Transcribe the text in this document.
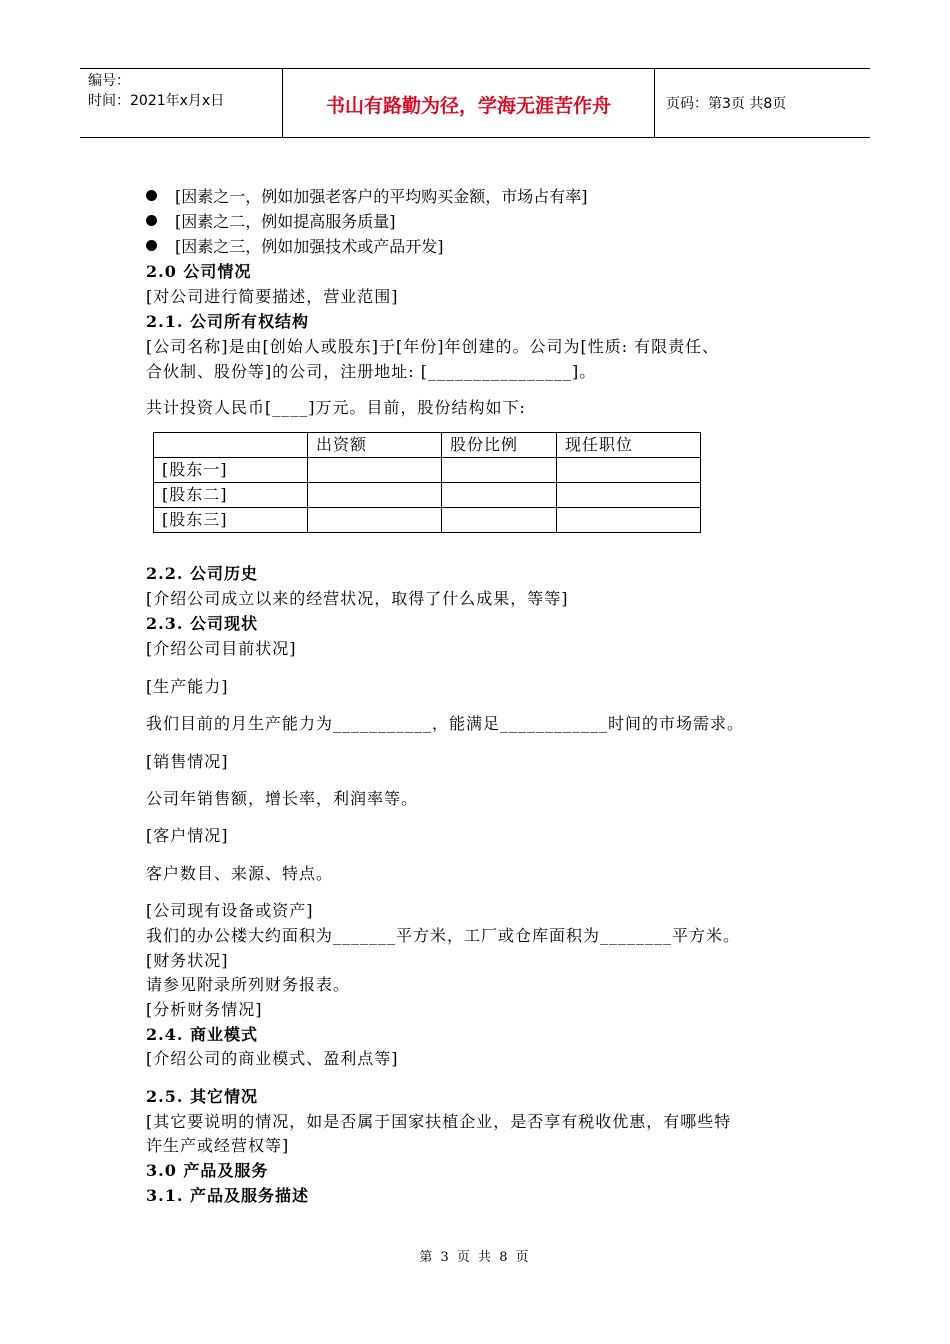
编号：
时间：2021年x月x日	书山有路勤为径，学海无涯苦作舟	页码：第3页 共8页
[因素之一，例如加强老客户的平均购买金额，市场占有率]
[因素之二，例如提高服务质量]
[因素之三，例如加强技术或产品开发]
2.0 公司情况
[对公司进行简要描述，营业范围]
2.1. 公司所有权结构
[公司名称]是由[创始人或股东]于[年份]年创建的。公司为[性质: 有限责任、
合伙制、股份等]的公司，注册地址: [________________]。
共计投资人民币[____]万元。目前，股份结构如下:
	出资额	股份比例	现任职位
[股东一]			
[股东二]			
[股东三]			
2.2. 公司历史
[介绍公司成立以来的经营状况，取得了什么成果，等等]
2.3. 公司现状
[介绍公司目前状况]
[生产能力]
我们目前的月生产能力为___________，能满足____________时间的市场需求。
[销售情况]
公司年销售额，增长率，利润率等。
[客户情况]
客户数目、来源、特点。
[公司现有设备或资产]
我们的办公楼大约面积为_______平方米，工厂或仓库面积为________平方米。
[财务状况]
请参见附录所列财务报表。
[分析财务情况]
2.4. 商业模式
[介绍公司的商业模式、盈利点等]
2.5. 其它情况
[其它要说明的情况，如是否属于国家扶植企业，是否享有税收优惠，有哪些特
许生产或经营权等]
3.0 产品及服务
3.1. 产品及服务描述
第 3 页 共 8 页
